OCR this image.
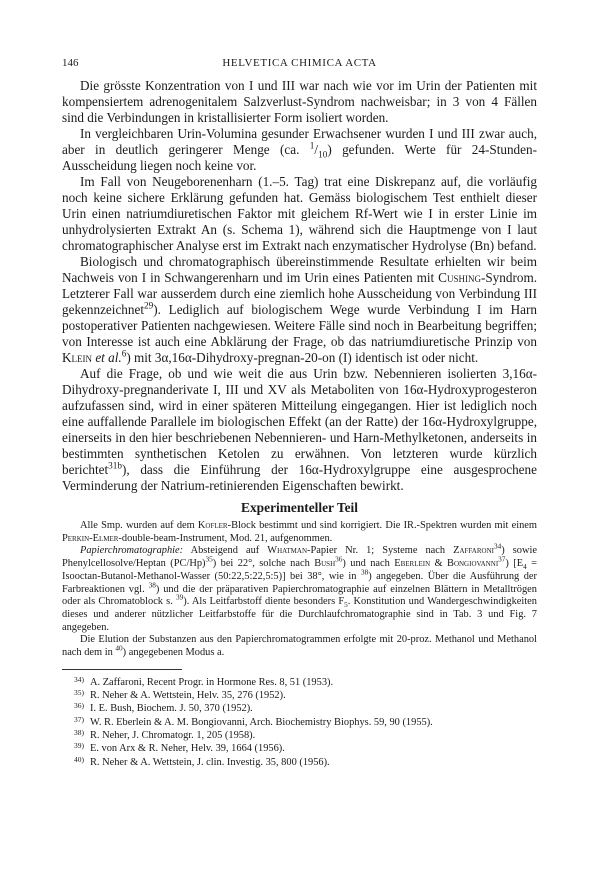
146	HELVETICA CHIMICA ACTA

Die grösste Konzentration von I und III war nach wie vor im Urin der Patienten mit kompensiertem adrenogenitalem Salzverlust-Syndrom nachweisbar; in 3 von 4 Fällen sind die Verbindungen in kristallisierter Form isoliert worden.

In vergleichbaren Urin-Volumina gesunder Erwachsener wurden I und III zwar auch, aber in deutlich geringerer Menge (ca. $^1/_{10}$) gefunden. Werte für 24-Stunden-Ausscheidung liegen noch keine vor.

Im Fall von Neugeborenenharn (1.–5. Tag) trat eine Diskrepanz auf, die vorläufig noch keine sichere Erklärung gefunden hat. Gemäss biologischem Test enthielt dieser Urin einen natriumdiuretischen Faktor mit gleichem Rf-Wert wie I in erster Linie im unhydrolysierten Extrakt An (s. Schema 1), während sich die Hauptmenge von I laut chromatographischer Analyse erst im Extrakt nach enzymatischer Hydrolyse (Bn) befand.

Biologisch und chromatographisch übereinstimmende Resultate erhielten wir beim Nachweis von I in Schwangerenharn und im Urin eines Patienten mit Cushing-Syndrom. Letzterer Fall war ausserdem durch eine ziemlich hohe Ausscheidung von Verbindung III gekennzeichnet$^{29}$). Lediglich auf biologischem Wege wurde Verbindung I im Harn postoperativer Patienten nachgewiesen. Weitere Fälle sind noch in Bearbeitung begriffen; von Interesse ist auch eine Abklärung der Frage, ob das natriumdiuretische Prinzip von Klein et al.$^6$) mit 3α,16α-Dihydroxy-pregnan-20-on (I) identisch ist oder nicht.

Auf die Frage, ob und wie weit die aus Urin bzw. Nebennieren isolierten 3,16α-Dihydroxy-pregnanderivate I, III und XV als Metaboliten von 16α-Hydroxyprogesteron aufzufassen sind, wird in einer späteren Mitteilung eingegangen. Hier ist lediglich noch eine auffallende Parallele im biologischen Effekt (an der Ratte) der 16α-Hydroxylgruppe, einerseits in den hier beschriebenen Nebennieren- und Harn-Methylketonen, anderseits in bestimmten synthetischen Ketolen zu erwähnen. Von letzteren wurde kürzlich berichtet$^{31b}$), dass die Einführung der 16α-Hydroxylgruppe eine ausgesprochene Verminderung der Natrium-retinierenden Eigenschaften bewirkt.

Experimenteller Teil

Alle Smp. wurden auf dem Kofler-Block bestimmt und sind korrigiert. Die IR.-Spektren wurden mit einem Perkin-Elmer-double-beam-Instrument, Mod. 21, aufgenommen.

Papierchromatographie: Absteigend auf Whatman-Papier Nr. 1; Systeme nach Zaffaroni$^{34}$) sowie Phenylcellosolve/Heptan $(PC/Hp)^{35}$) bei 22°, solche nach Bush$^{36}$) und nach Eberlein & Bongiovanni$^{37}$) [$E_4$ = Isooctan-Butanol-Methanol-Wasser (50:22,5:22,5:5)] bei 38°, wie in $^{38}$) angegeben. Über die Ausführung der Farbreaktionen vgl. $^{38}$) und die der präparativen Papierchromatographie auf einzelnen Blättern in Metalltrögen oder als Chromatoblock s. $^{39}$). Als Leitfarbstoff diente besonders $F_5$. Konstitution und Wandergeschwindigkeiten dieses und anderer nützlicher Leitfarbstoffe für die Durchlaufchromatographie sind in Tab. 3 und Fig. 7 angegeben.

Die Elution der Substanzen aus den Papierchromatogrammen erfolgte mit 20-proz. Methanol und Methanol nach dem in $^{40}$) angegebenen Modus a.

34) A. Zaffaroni, Recent Progr. in Hormone Res. 8, 51 (1953).
35) R. Neher & A. Wettstein, Helv. 35, 276 (1952).
36) I. E. Bush, Biochem. J. 50, 370 (1952).
37) W. R. Eberlein & A. M. Bongiovanni, Arch. Biochemistry Biophys. 59, 90 (1955).
38) R. Neher, J. Chromatogr. 1, 205 (1958).
39) E. von Arx & R. Neher, Helv. 39, 1664 (1956).
40) R. Neher & A. Wettstein, J. clin. Investig. 35, 800 (1956).
